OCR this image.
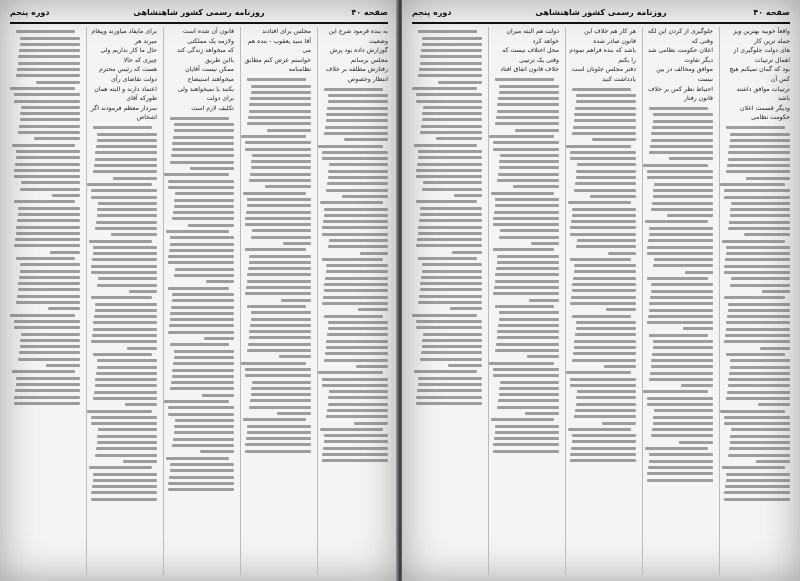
صفحه ۴۰
روزنامه رسمی کشور شاهنشاهی
دوره پنجم

به بنده فرمود شرح این وضعیت

گوزارش داده بود پرش مجلس برسانم

رفتارش مطلقه بر خلاف انتظار وخصوص

مجلس برای افتادند

آقا سید یعقوب - بنده هم می

خواستم عرض کنم مطابق نظامنامه

قانون آن شده است ولازمه یک مملکتی

که میخواهد زندگی کند بااین طریق

ممکن نیست آقایان میخواهند استیضاح

بکنند یا نمیخواهند ولی برای دولت

تکلیف لازم است

برای مایفاد میاورند وپیغام میرند هر

حال ما کار نداریم ولی چیزی که حالا

هست که رئیس محترم دولت تقاضای رأی

اعتماد دارند و البته همان طورکه آقای

سردار معظم فرمودند اگر اشخاص

صفحه ۴۰
روزنامه رسمی کشور شاهنشاهی
دوره پنجم

واقعاً خوبیه بهترین ویز جمله ترین کار

های دولت جلوگیری از اهمال ترتیبات

بود که گمان نمیکنم هیچ کس آن

ترتیبات موافق داشته باشد

ودیگر قسمت اعلان حکومت نظامی

جلوگیری از کردن این لکه وقتی که

اعلان حکومت نظامی شد دیگر تفاوت

موافق ومخالف در بین نیست

احتیاط نظر کس بر خلاف قانون رفتار

هر کار هم خلاف این قانون صادر شده

باشد که بنده فراهم نمودم را بکنم

دفتر مجلس جلوتان است یادداشت کنید

دولت هم البته میران خواهد کرد

محل اختلاف نیست که وقتی یک ترتیبی

خلاف قانون اتفاق افتاد
